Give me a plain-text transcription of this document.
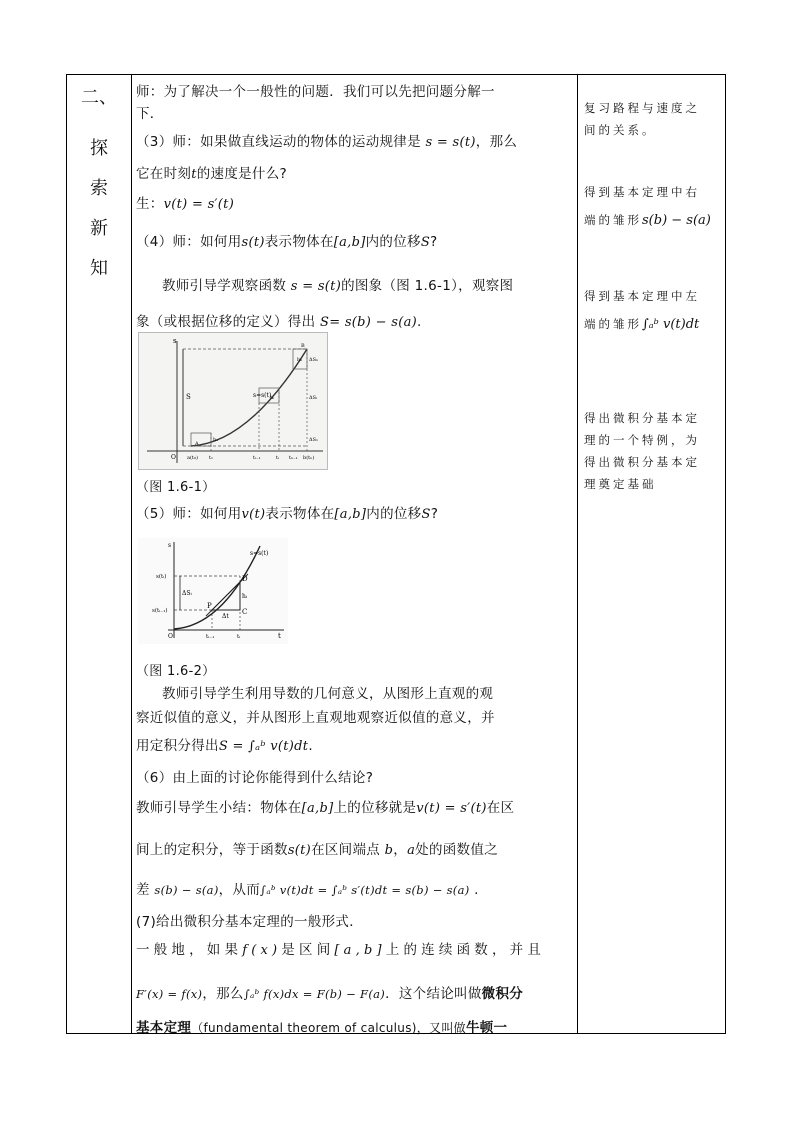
二、
探
索
新
知
师：为了解决一个一般性的问题．我们可以先把问题分解一
下．
（3）师：如果做直线运动的物体的运动规律是 s = s(t)，那么
它在时刻t的速度是什么?
生：v(t) = s′(t)
（4）师：如何用s(t)表示物体在[a,b]内的位移S?
教师引导学观察函数 s = s(t)的图象（图 1.6-1），观察图
象（或根据位移的定义）得出 S= s(b) − s(a).
s
S	s=s(t)
O a(t₀) t₁	tᵢ₋₁	tᵢ tₙ₋₁ b(tₙ)
h₁
hᵢ
hₙ
ΔS₁
ΔSᵢ
ΔSₙ
A
B
（图 1.6-1）
（5）师：如何用v(t)表示物体在[a,b]内的位移S?
s
s=s(t)
s(tᵢ)
s(tᵢ₋₁)
ΔSᵢ
D
C
P
hᵢ
Δt
O	tᵢ₋₁	tᵢ	t
（图 1.6-2）
教师引导学生利用导数的几何意义，从图形上直观的观
察近似值的意义，并从图形上直观地观察近似值的意义，并
用定积分得出S = ∫ₐᵇ v(t)dt.
（6）由上面的讨论你能得到什么结论?
教师引导学生小结：物体在[a,b]上的位移就是v(t) = s′(t)在区
间上的定积分，等于函数s(t)在区间端点 b，a处的函数值之
差 s(b) − s(a)，从而∫ₐᵇ v(t)dt = ∫ₐᵇ s′(t)dt = s(b) − s(a) .
(7)给出微积分基本定理的一般形式．
一般地，如果f(x)是区间[a,b]上的连续函数，并且
F′(x) = f(x)，那么∫ₐᵇ f(x)dx = F(b) − F(a)．这个结论叫做微积分
基本定理（fundamental theorem of calculus)，又叫做牛顿一
复习路程与速度之
间的关系。
得到基本定理中右
端的雏形s(b) − s(a)
得到基本定理中左
端的雏形∫ₐᵇ v(t)dt
得出微积分基本定
理的一个特例，为
得出微积分基本定
理奠定基础
